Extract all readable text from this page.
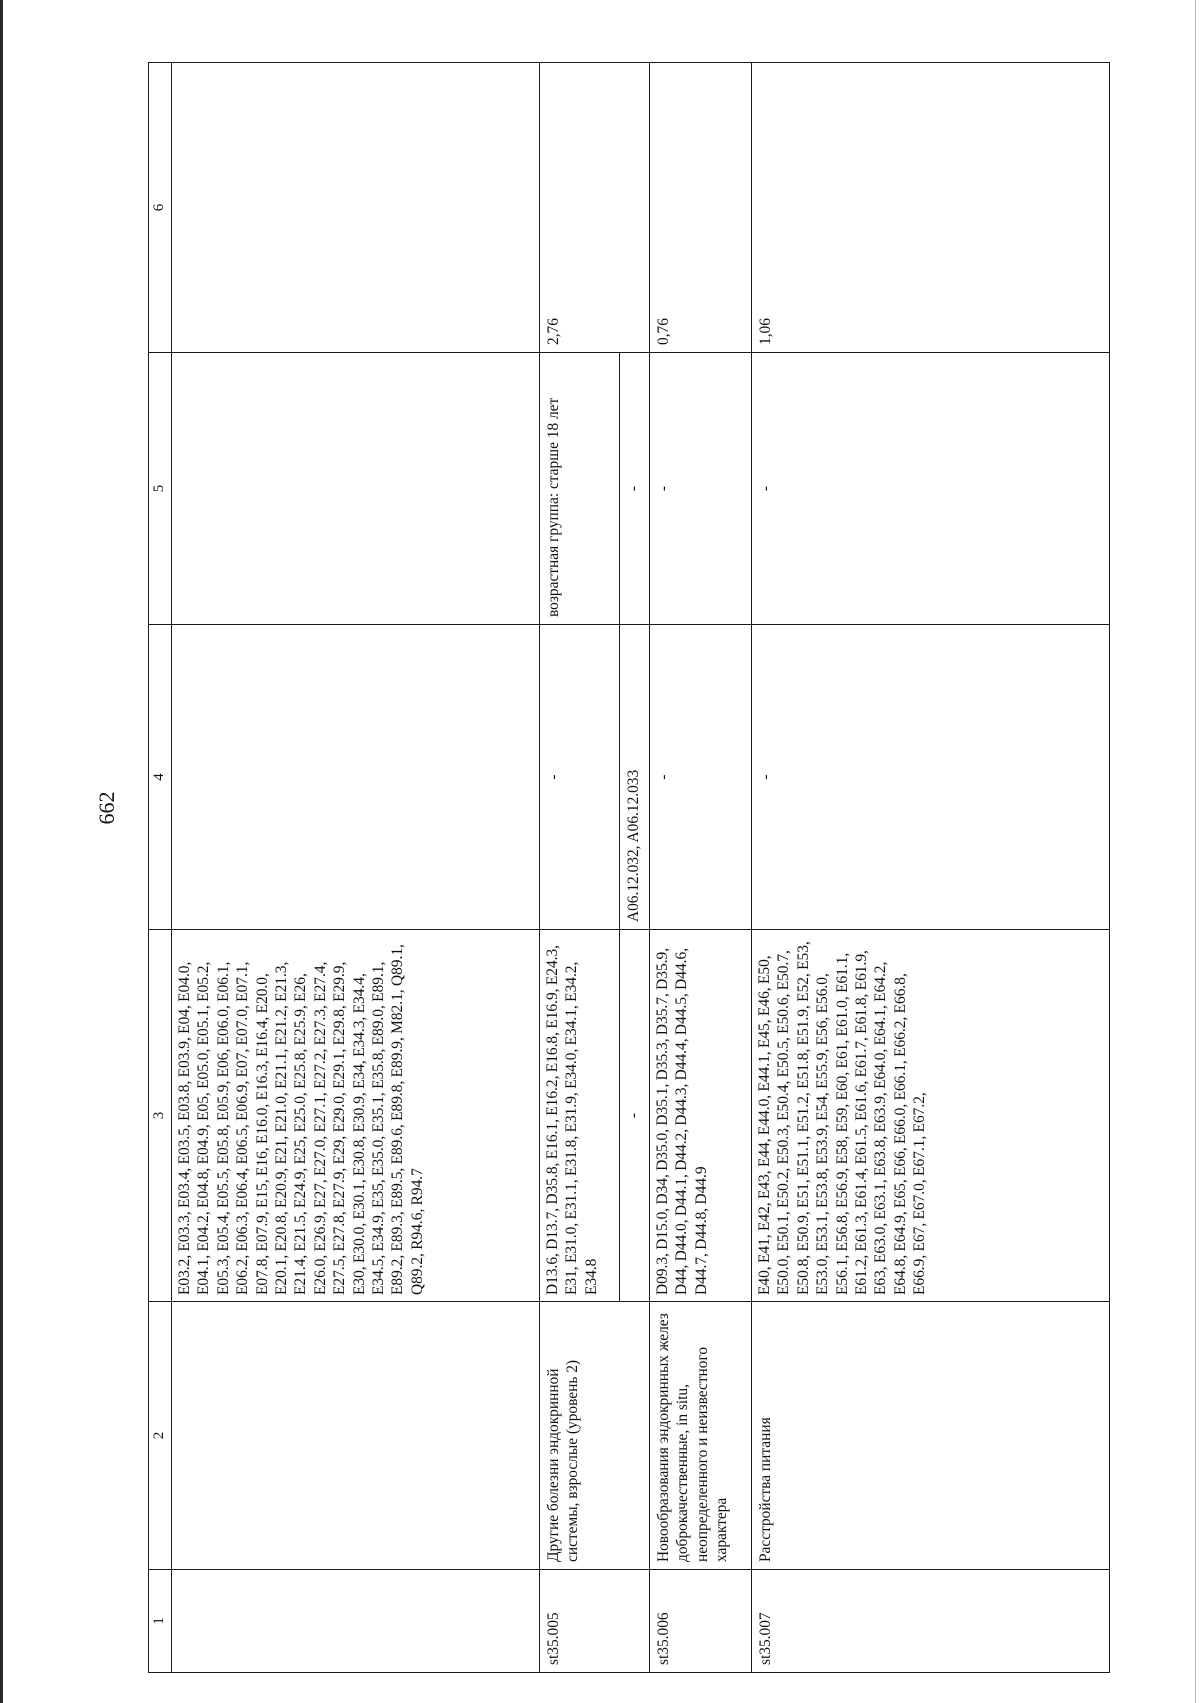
662
1	2	3	4	5	6

		E03.2, E03.3, E03.4, E03.5, E03.8, E03.9, E04, E04.0, E04.1, E04.2, E04.8, E04.9, E05, E05.0, E05.1, E05.2, E05.3, E05.4, E05.5, E05.8, E05.9, E06, E06.0, E06.1, E06.2, E06.3, E06.4, E06.5, E06.9, E07, E07.0, E07.1, E07.8, E07.9, E15, E16, E16.0, E16.3, E16.4, E20.0, E20.1, E20.8, E20.9, E21, E21.0, E21.1, E21.2, E21.3, E21.4, E21.5, E24.9, E25, E25.0, E25.8, E25.9, E26, E26.0, E26.9, E27, E27.0, E27.1, E27.2, E27.3, E27.4, E27.5, E27.8, E27.9, E29, E29.0, E29.1, E29.8, E29.9, E30, E30.0, E30.1, E30.8, E30.9, E34, E34.3, E34.4, E34.5, E34.9, E35, E35.0, E35.1, E35.8, E89.0, E89.1, E89.2, E89.3, E89.5, E89.6, E89.8, E89.9, M82.1, Q89.1, Q89.2, R94.6, R94.7			

st35.005	Другие болезни эндокринной системы, взрослые (уровень 2)	D13.6, D13.7, D35.8, E16.1, E16.2, E16.8, E16.9, E24.3, E31, E31.0, E31.1, E31.8, E31.9, E34.0, E34.1, E34.2, E34.8	-	возрастная группа: старше 18 лет	2,76

		-	A06.12.032, A06.12.033	-	

st35.006	Новообразования эндокринных желез доброкачественные, in situ, неопределенного и неизвестного характера	D09.3, D15.0, D34, D35.0, D35.1, D35.3, D35.7, D35.9, D44, D44.0, D44.1, D44.2, D44.3, D44.4, D44.5, D44.6, D44.7, D44.8, D44.9	-	-	0,76

st35.007	Расстройства питания	E40, E41, E42, E43, E44, E44.0, E44.1, E45, E46, E50, E50.0, E50.1, E50.2, E50.3, E50.4, E50.5, E50.6, E50.7, E50.8, E50.9, E51, E51.1, E51.2, E51.8, E51.9, E52, E53, E53.0, E53.1, E53.8, E53.9, E54, E55.9, E56, E56.0, E56.1, E56.8, E56.9, E58, E59, E60, E61, E61.0, E61.1, E61.2, E61.3, E61.4, E61.5, E61.6, E61.7, E61.8, E61.9, E63, E63.0, E63.1, E63.8, E63.9, E64.0, E64.1, E64.2, E64.8, E64.9, E65, E66, E66.0, E66.1, E66.2, E66.8, E66.9, E67, E67.0, E67.1, E67.2,	-	-	1,06
